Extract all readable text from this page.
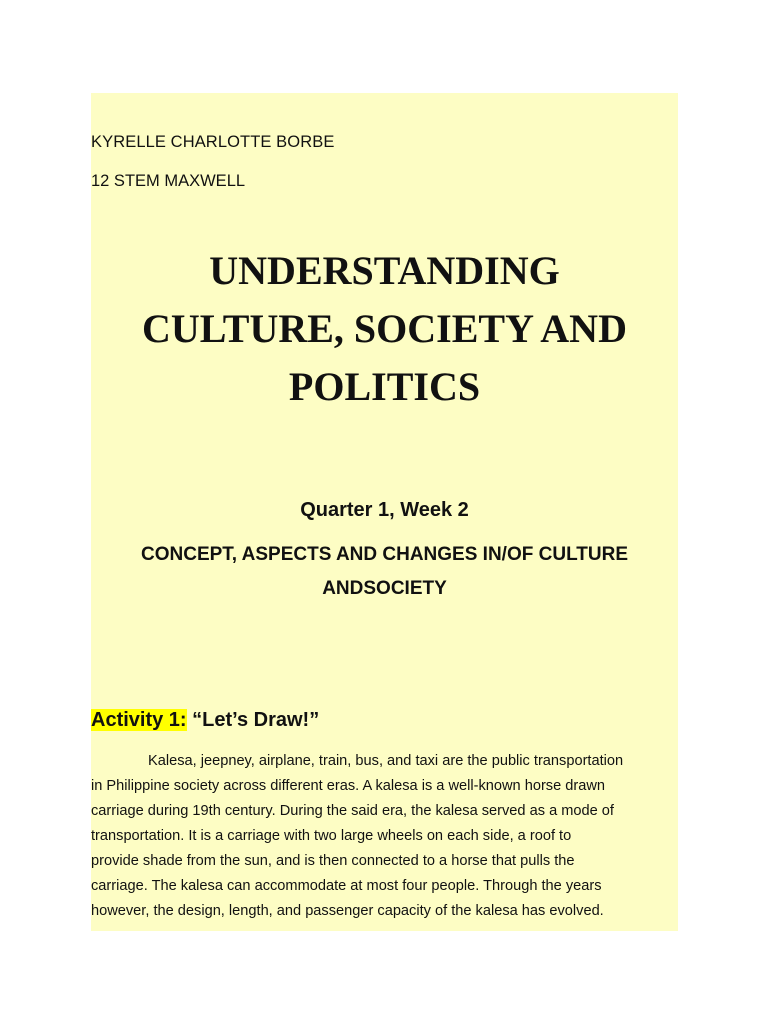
KYRELLE CHARLOTTE BORBE
12 STEM MAXWELL
UNDERSTANDING
CULTURE, SOCIETY AND
POLITICS
Quarter 1, Week 2
CONCEPT, ASPECTS AND CHANGES IN/OF CULTURE
ANDSOCIETY
Activity 1: “Let’s Draw!”
Kalesa, jeepney, airplane, train, bus, and taxi are the public transportation
in Philippine society across different eras. A kalesa is a well-known horse drawn
carriage during 19th century. During the said era, the kalesa served as a mode of
transportation. It is a carriage with two large wheels on each side, a roof to
provide shade from the sun, and is then connected to a horse that pulls the
carriage. The kalesa can accommodate at most four people. Through the years
however, the design, length, and passenger capacity of the kalesa has evolved.
